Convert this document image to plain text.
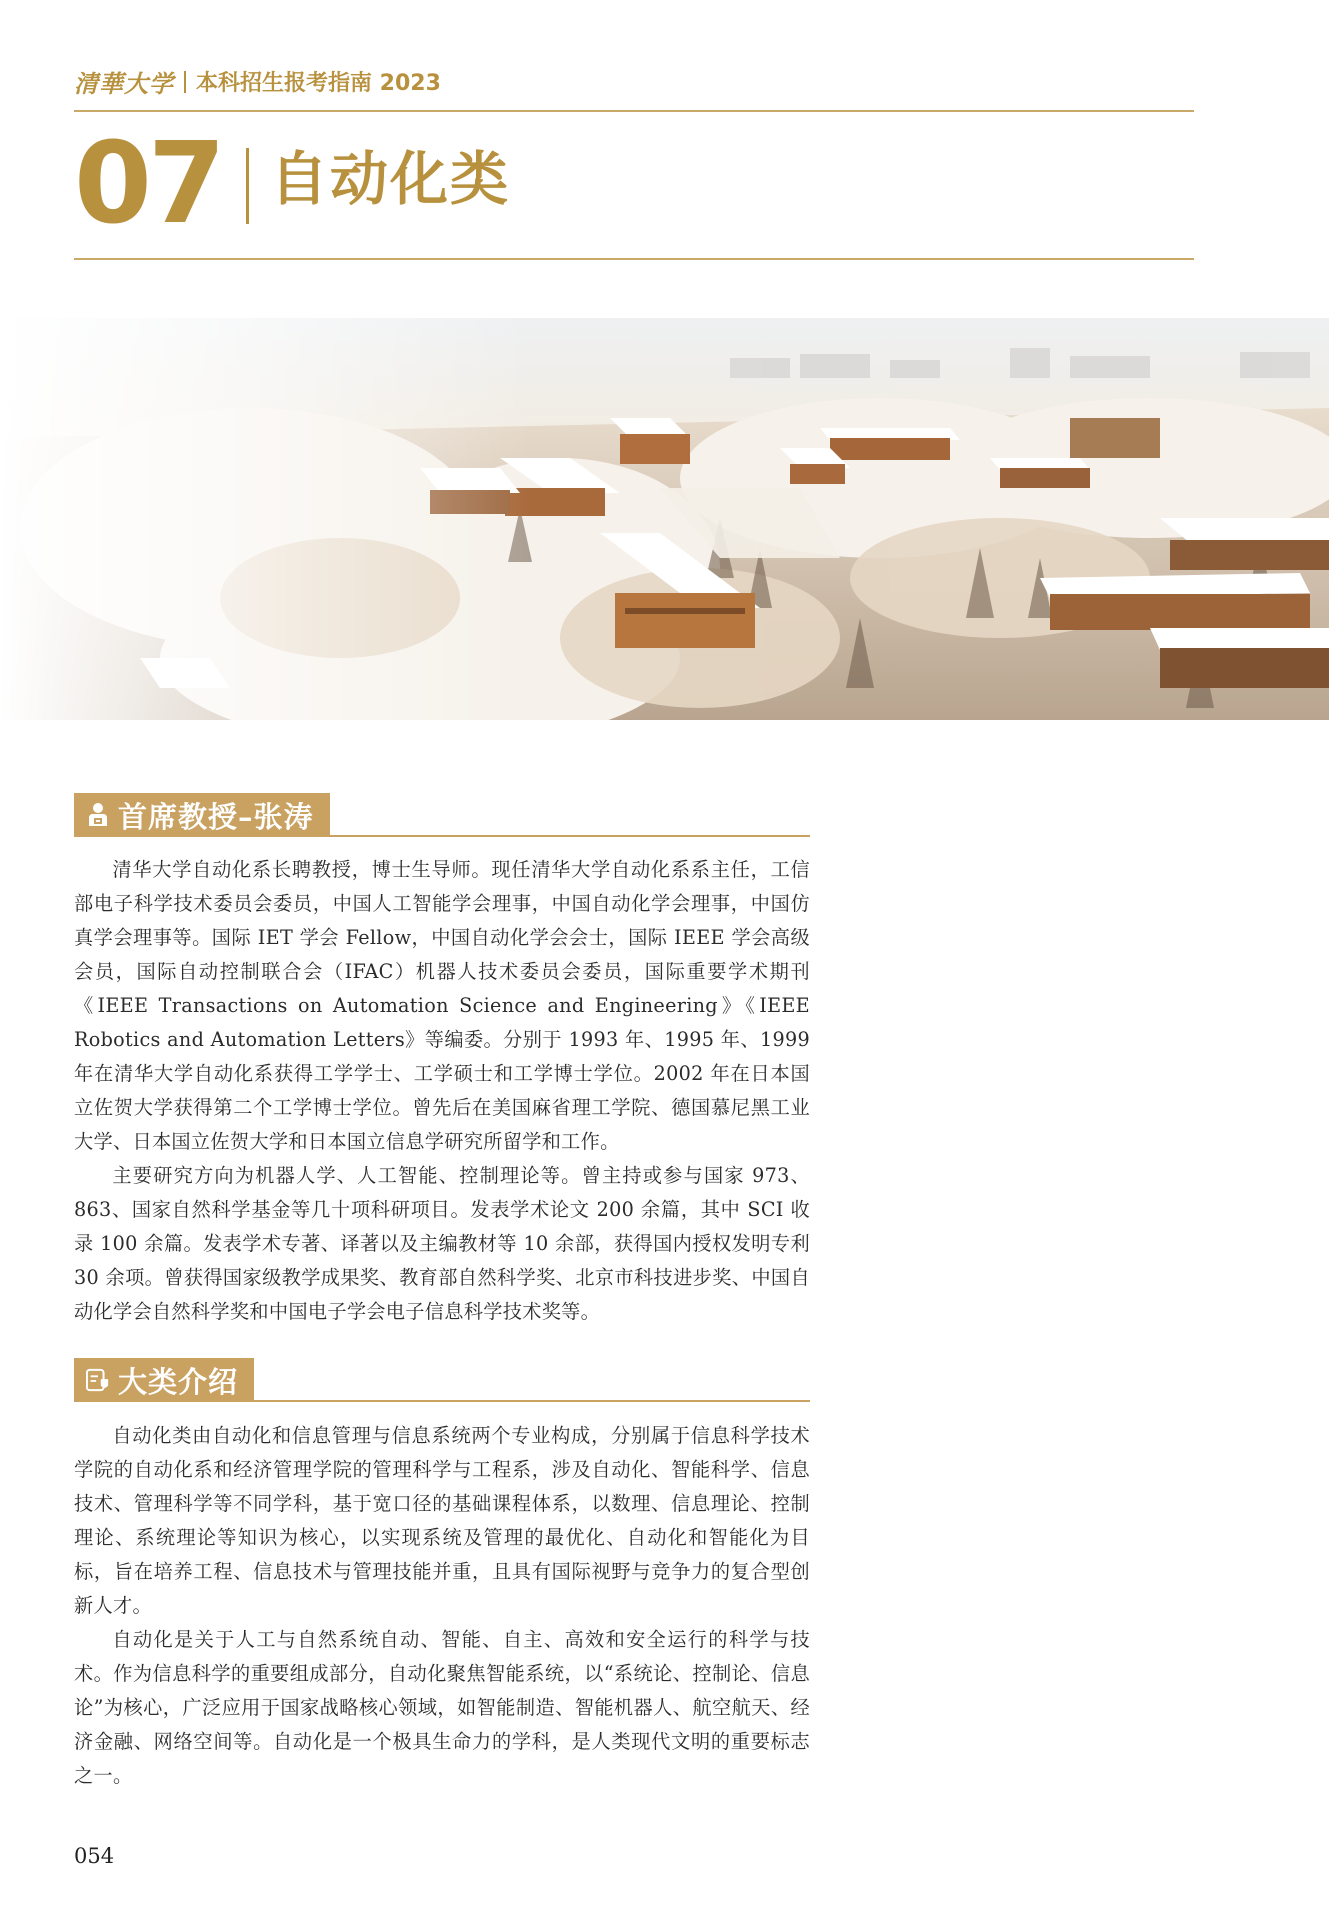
清華大学 本科招生报考指南 2023
07 自动化类
首席教授–张涛

清华大学自动化系长聘教授，博士生导师。现任清华大学自动化系系主任，工信部电子科学技术委员会委员，中国人工智能学会理事，中国自动化学会理事，中国仿真学会理事等。国际 IET 学会 Fellow，中国自动化学会会士，国际 IEEE 学会高级会员，国际自动控制联合会（IFAC）机器人技术委员会委员，国际重要学术期刊《IEEE Transactions on Automation Science and Engineering》《IEEE Robotics and Automation Letters》等编委。分别于 1993 年、1995 年、1999 年在清华大学自动化系获得工学学士、工学硕士和工学博士学位。2002 年在日本国立佐贺大学获得第二个工学博士学位。曾先后在美国麻省理工学院、德国慕尼黑工业大学、日本国立佐贺大学和日本国立信息学研究所留学和工作。

主要研究方向为机器人学、人工智能、控制理论等。曾主持或参与国家 973、863、国家自然科学基金等几十项科研项目。发表学术论文 200 余篇，其中 SCI 收录 100 余篇。发表学术专著、译著以及主编教材等 10 余部，获得国内授权发明专利 30 余项。曾获得国家级教学成果奖、教育部自然科学奖、北京市科技进步奖、中国自动化学会自然科学奖和中国电子学会电子信息科学技术奖等。

大类介绍

自动化类由自动化和信息管理与信息系统两个专业构成，分别属于信息科学技术学院的自动化系和经济管理学院的管理科学与工程系，涉及自动化、智能科学、信息技术、管理科学等不同学科，基于宽口径的基础课程体系，以数理、信息理论、控制理论、系统理论等知识为核心，以实现系统及管理的最优化、自动化和智能化为目标，旨在培养工程、信息技术与管理技能并重，且具有国际视野与竞争力的复合型创新人才。

自动化是关于人工与自然系统自动、智能、自主、高效和安全运行的科学与技术。作为信息科学的重要组成部分，自动化聚焦智能系统，以“系统论、控制论、信息论”为核心，广泛应用于国家战略核心领域，如智能制造、智能机器人、航空航天、经济金融、网络空间等。自动化是一个极具生命力的学科，是人类现代文明的重要标志之一。

054
